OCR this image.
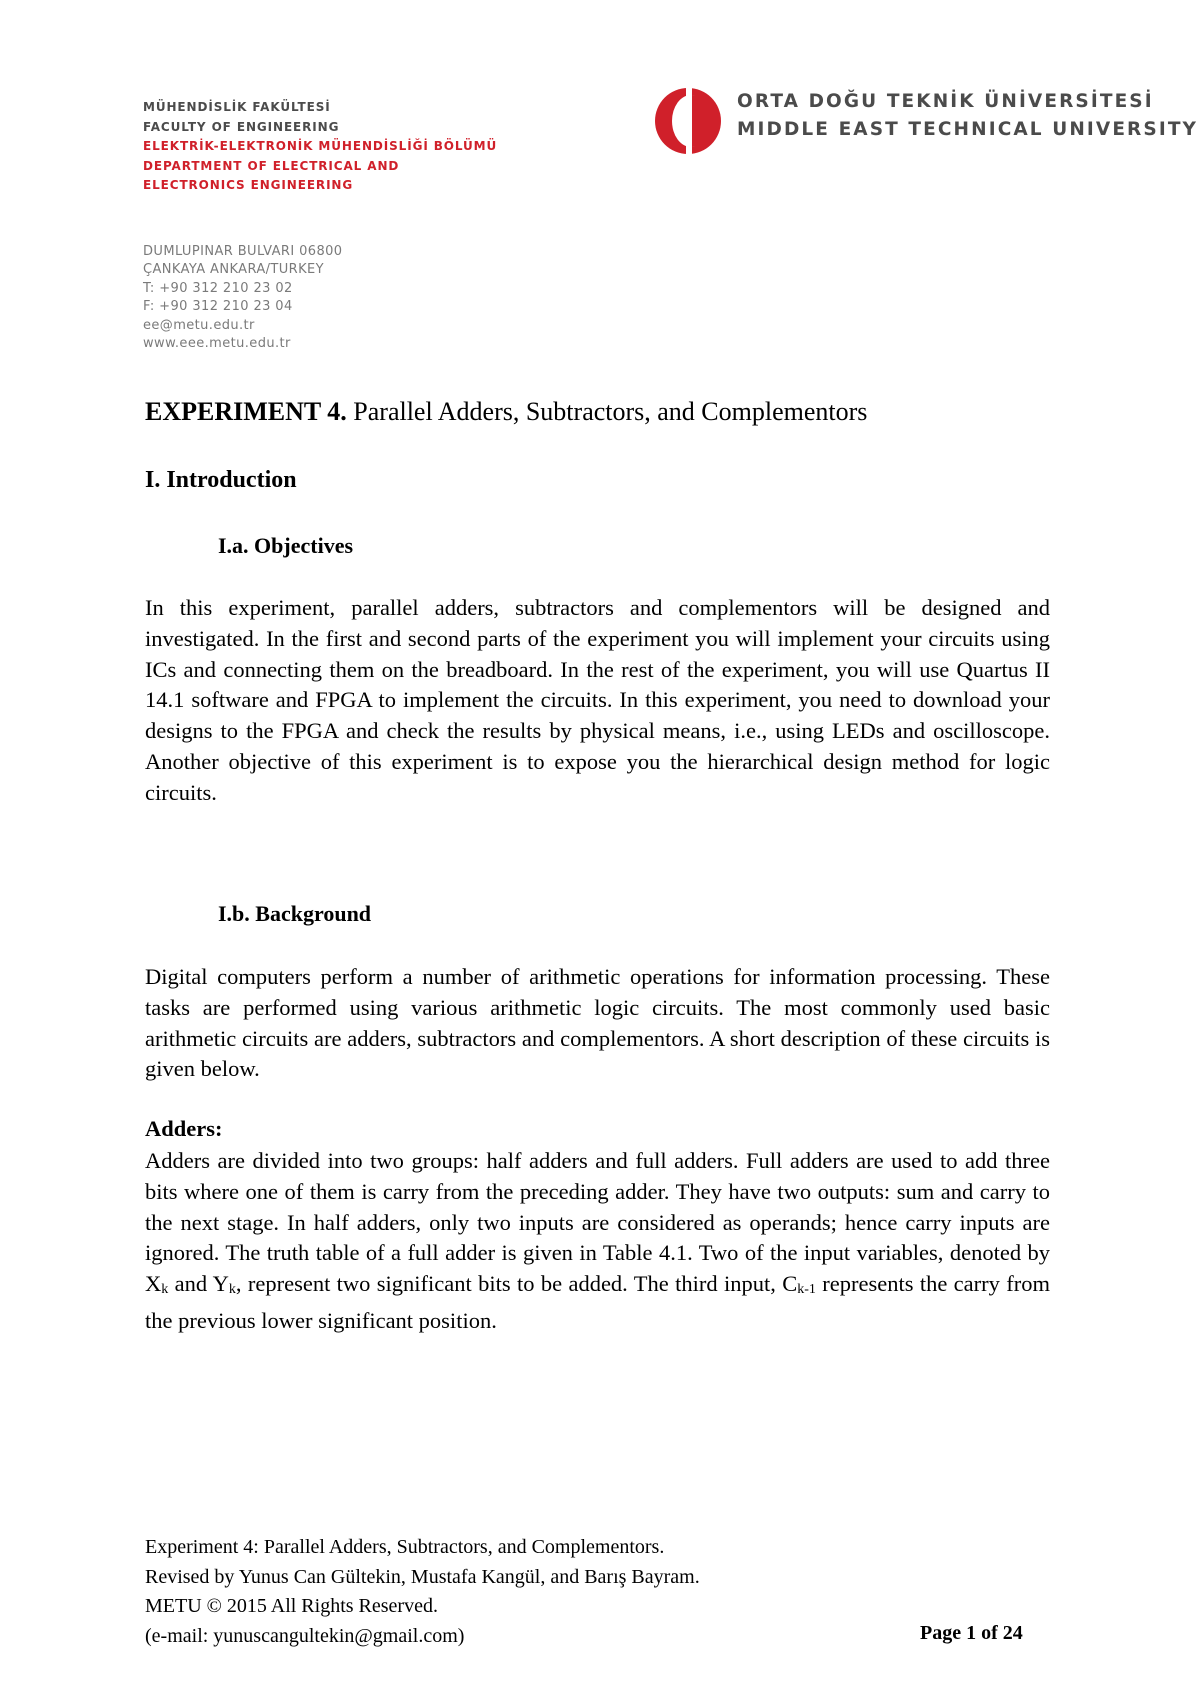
MÜHENDİSLİK FAKÜLTESİ
FACULTY OF ENGINEERING
ELEKTRİK-ELEKTRONİK MÜHENDİSLİĞİ BÖLÜMÜ
DEPARTMENT OF ELECTRICAL AND
ELECTRONICS ENGINEERING
DUMLUPINAR BULVARI 06800
ÇANKAYA ANKARA/TURKEY
T: +90 312 210 23 02
F: +90 312 210 23 04
ee@metu.edu.tr
www.eee.metu.edu.tr
ORTA DOĞU TEKNİK ÜNİVERSİTESİ
MIDDLE EAST TECHNICAL UNIVERSITY
EXPERIMENT 4. Parallel Adders, Subtractors, and Complementors
I. Introduction
I.a. Objectives
In this experiment, parallel adders, subtractors and complementors will be designed and investigated. In the first and second parts of the experiment you will implement your circuits using ICs and connecting them on the breadboard. In the rest of the experiment, you will use Quartus II 14.1 software and FPGA to implement the circuits. In this experiment, you need to download your designs to the FPGA and check the results by physical means, i.e., using LEDs and oscilloscope. Another objective of this experiment is to expose you the hierarchical design method for logic circuits.
I.b. Background
Digital computers perform a number of arithmetic operations for information processing. These tasks are performed using various arithmetic logic circuits. The most commonly used basic arithmetic circuits are adders, subtractors and complementors. A short description of these circuits is given below.
Adders:
Adders are divided into two groups: half adders and full adders. Full adders are used to add three bits where one of them is carry from the preceding adder. They have two outputs: sum and carry to the next stage. In half adders, only two inputs are considered as operands; hence carry inputs are ignored. The truth table of a full adder is given in Table 4.1. Two of the input variables, denoted by $X_k$ and $Y_k$, represent two significant bits to be added. The third input, $C_{k-1}$ represents the carry from the previous lower significant position.
Experiment 4: Parallel Adders, Subtractors, and Complementors.
Revised by Yunus Can Gültekin, Mustafa Kangül, and Barış Bayram.
METU © 2015 All Rights Reserved.
(e-mail: yunuscangultekin@gmail.com)	Page 1 of 24
